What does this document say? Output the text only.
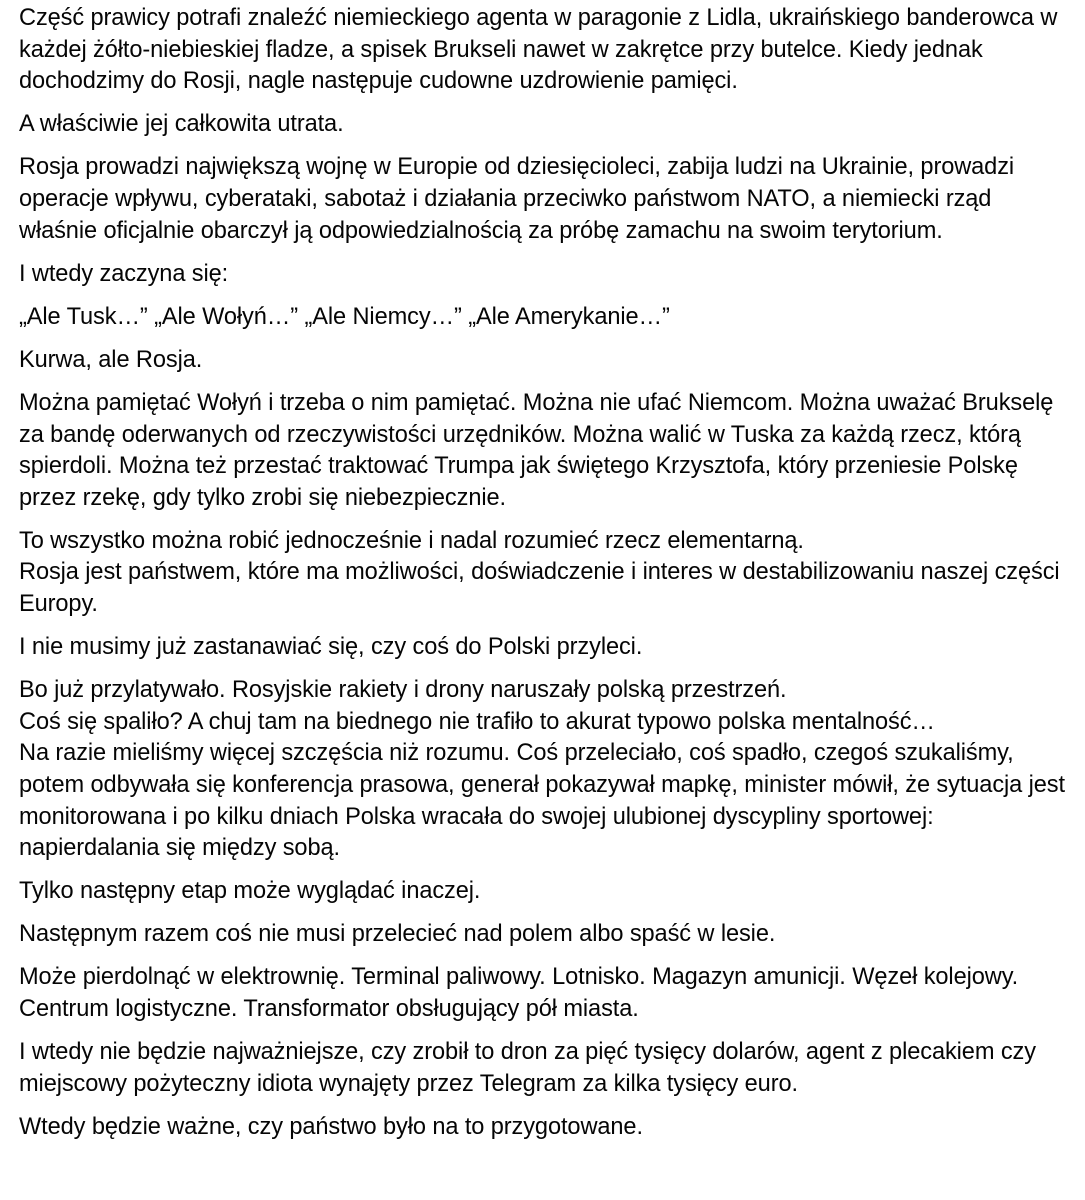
Część prawicy potrafi znaleźć niemieckiego agenta w paragonie z Lidla, ukraińskiego banderowca w każdej żółto-niebieskiej fladze, a spisek Brukseli nawet w zakrętce przy butelce. Kiedy jednak dochodzimy do Rosji, nagle następuje cudowne uzdrowienie pamięci.

A właściwie jej całkowita utrata.

Rosja prowadzi największą wojnę w Europie od dziesięcioleci, zabija ludzi na Ukrainie, prowadzi operacje wpływu, cyberataki, sabotaż i działania przeciwko państwom NATO, a niemiecki rząd właśnie oficjalnie obarczył ją odpowiedzialnością za próbę zamachu na swoim terytorium.

I wtedy zaczyna się:

„Ale Tusk…” „Ale Wołyń…” „Ale Niemcy…” „Ale Amerykanie…”

Kurwa, ale Rosja.

Można pamiętać Wołyń i trzeba o nim pamiętać. Można nie ufać Niemcom. Można uważać Brukselę za bandę oderwanych od rzeczywistości urzędników. Można walić w Tuska za każdą rzecz, którą spierdoli. Można też przestać traktować Trumpa jak świętego Krzysztofa, który przeniesie Polskę przez rzekę, gdy tylko zrobi się niebezpiecznie.

To wszystko można robić jednocześnie i nadal rozumieć rzecz elementarną.
Rosja jest państwem, które ma możliwości, doświadczenie i interes w destabilizowaniu naszej części Europy.

I nie musimy już zastanawiać się, czy coś do Polski przyleci.

Bo już przylatywało. Rosyjskie rakiety i drony naruszały polską przestrzeń.
Coś się spaliło? A chuj tam na biednego nie trafiło to akurat typowo polska mentalność…
Na razie mieliśmy więcej szczęścia niż rozumu. Coś przeleciało, coś spadło, czegoś szukaliśmy, potem odbywała się konferencja prasowa, generał pokazywał mapkę, minister mówił, że sytuacja jest monitorowana i po kilku dniach Polska wracała do swojej ulubionej dyscypliny sportowej: napierdalania się między sobą.

Tylko następny etap może wyglądać inaczej.

Następnym razem coś nie musi przelecieć nad polem albo spaść w lesie.

Może pierdolnąć w elektrownię. Terminal paliwowy. Lotnisko. Magazyn amunicji. Węzeł kolejowy. Centrum logistyczne. Transformator obsługujący pół miasta.

I wtedy nie będzie najważniejsze, czy zrobił to dron za pięć tysięcy dolarów, agent z plecakiem czy miejscowy pożyteczny idiota wynajęty przez Telegram za kilka tysięcy euro.

Wtedy będzie ważne, czy państwo było na to przygotowane.
